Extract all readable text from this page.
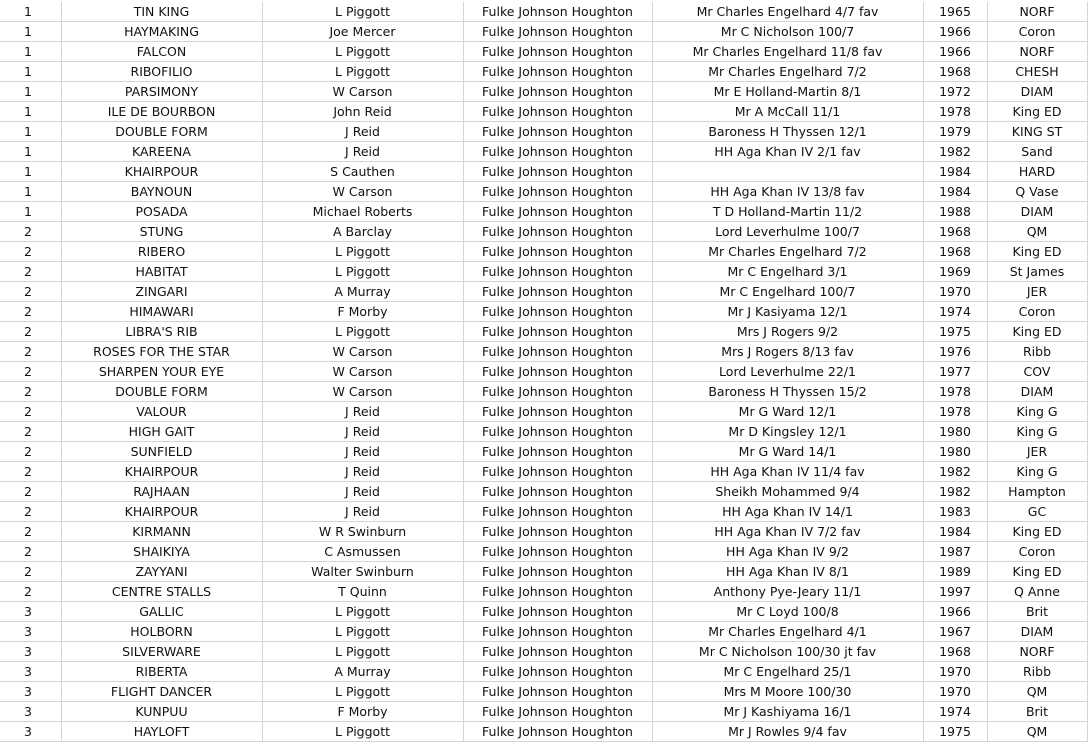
1	TIN KING	L Piggott	Fulke Johnson Houghton	Mr Charles Engelhard 4/7 fav	1965	NORF
1	HAYMAKING	Joe Mercer	Fulke Johnson Houghton	Mr C Nicholson 100/7	1966	Coron
1	FALCON	L Piggott	Fulke Johnson Houghton	Mr Charles Engelhard 11/8 fav	1966	NORF
1	RIBOFILIO	L Piggott	Fulke Johnson Houghton	Mr Charles Engelhard 7/2	1968	CHESH
1	PARSIMONY	W Carson	Fulke Johnson Houghton	Mr E Holland-Martin 8/1	1972	DIAM
1	ILE DE BOURBON	John Reid	Fulke Johnson Houghton	Mr A McCall 11/1	1978	King ED
1	DOUBLE FORM	J Reid	Fulke Johnson Houghton	Baroness H Thyssen 12/1	1979	KING ST
1	KAREENA	J Reid	Fulke Johnson Houghton	HH Aga Khan IV 2/1 fav	1982	Sand
1	KHAIRPOUR	S Cauthen	Fulke Johnson Houghton		1984	HARD
1	BAYNOUN	W Carson	Fulke Johnson Houghton	HH Aga Khan IV 13/8 fav	1984	Q Vase
1	POSADA	Michael Roberts	Fulke Johnson Houghton	T D Holland-Martin 11/2	1988	DIAM
2	STUNG	A Barclay	Fulke Johnson Houghton	Lord Leverhulme 100/7	1968	QM
2	RIBERO	L Piggott	Fulke Johnson Houghton	Mr Charles Engelhard 7/2	1968	King ED
2	HABITAT	L Piggott	Fulke Johnson Houghton	Mr C Engelhard 3/1	1969	St James
2	ZINGARI	A Murray	Fulke Johnson Houghton	Mr C Engelhard 100/7	1970	JER
2	HIMAWARI	F Morby	Fulke Johnson Houghton	Mr J Kasiyama 12/1	1974	Coron
2	LIBRA'S RIB	L Piggott	Fulke Johnson Houghton	Mrs J Rogers 9/2	1975	King ED
2	ROSES FOR THE STAR	W Carson	Fulke Johnson Houghton	Mrs J Rogers 8/13 fav	1976	Ribb
2	SHARPEN YOUR EYE	W Carson	Fulke Johnson Houghton	Lord Leverhulme 22/1	1977	COV
2	DOUBLE FORM	W Carson	Fulke Johnson Houghton	Baroness H Thyssen 15/2	1978	DIAM
2	VALOUR	J Reid	Fulke Johnson Houghton	Mr G Ward 12/1	1978	King G
2	HIGH GAIT	J Reid	Fulke Johnson Houghton	Mr D Kingsley 12/1	1980	King G
2	SUNFIELD	J Reid	Fulke Johnson Houghton	Mr G Ward 14/1	1980	JER
2	KHAIRPOUR	J Reid	Fulke Johnson Houghton	HH Aga Khan IV 11/4 fav	1982	King G
2	RAJHAAN	J Reid	Fulke Johnson Houghton	Sheikh Mohammed 9/4	1982	Hampton
2	KHAIRPOUR	J Reid	Fulke Johnson Houghton	HH Aga Khan IV 14/1	1983	GC
2	KIRMANN	W R Swinburn	Fulke Johnson Houghton	HH Aga Khan IV 7/2 fav	1984	King ED
2	SHAIKIYA	C Asmussen	Fulke Johnson Houghton	HH Aga Khan IV 9/2	1987	Coron
2	ZAYYANI	Walter Swinburn	Fulke Johnson Houghton	HH Aga Khan IV 8/1	1989	King ED
2	CENTRE STALLS	T Quinn	Fulke Johnson Houghton	Anthony Pye-Jeary 11/1	1997	Q Anne
3	GALLIC	L Piggott	Fulke Johnson Houghton	Mr C Loyd 100/8	1966	Brit
3	HOLBORN	L Piggott	Fulke Johnson Houghton	Mr Charles Engelhard 4/1	1967	DIAM
3	SILVERWARE	L Piggott	Fulke Johnson Houghton	Mr C Nicholson 100/30 jt fav	1968	NORF
3	RIBERTA	A Murray	Fulke Johnson Houghton	Mr C Engelhard 25/1	1970	Ribb
3	FLIGHT DANCER	L Piggott	Fulke Johnson Houghton	Mrs M Moore 100/30	1970	QM
3	KUNPUU	F Morby	Fulke Johnson Houghton	Mr J Kashiyama 16/1	1974	Brit
3	HAYLOFT	L Piggott	Fulke Johnson Houghton	Mr J Rowles 9/4 fav	1975	QM
